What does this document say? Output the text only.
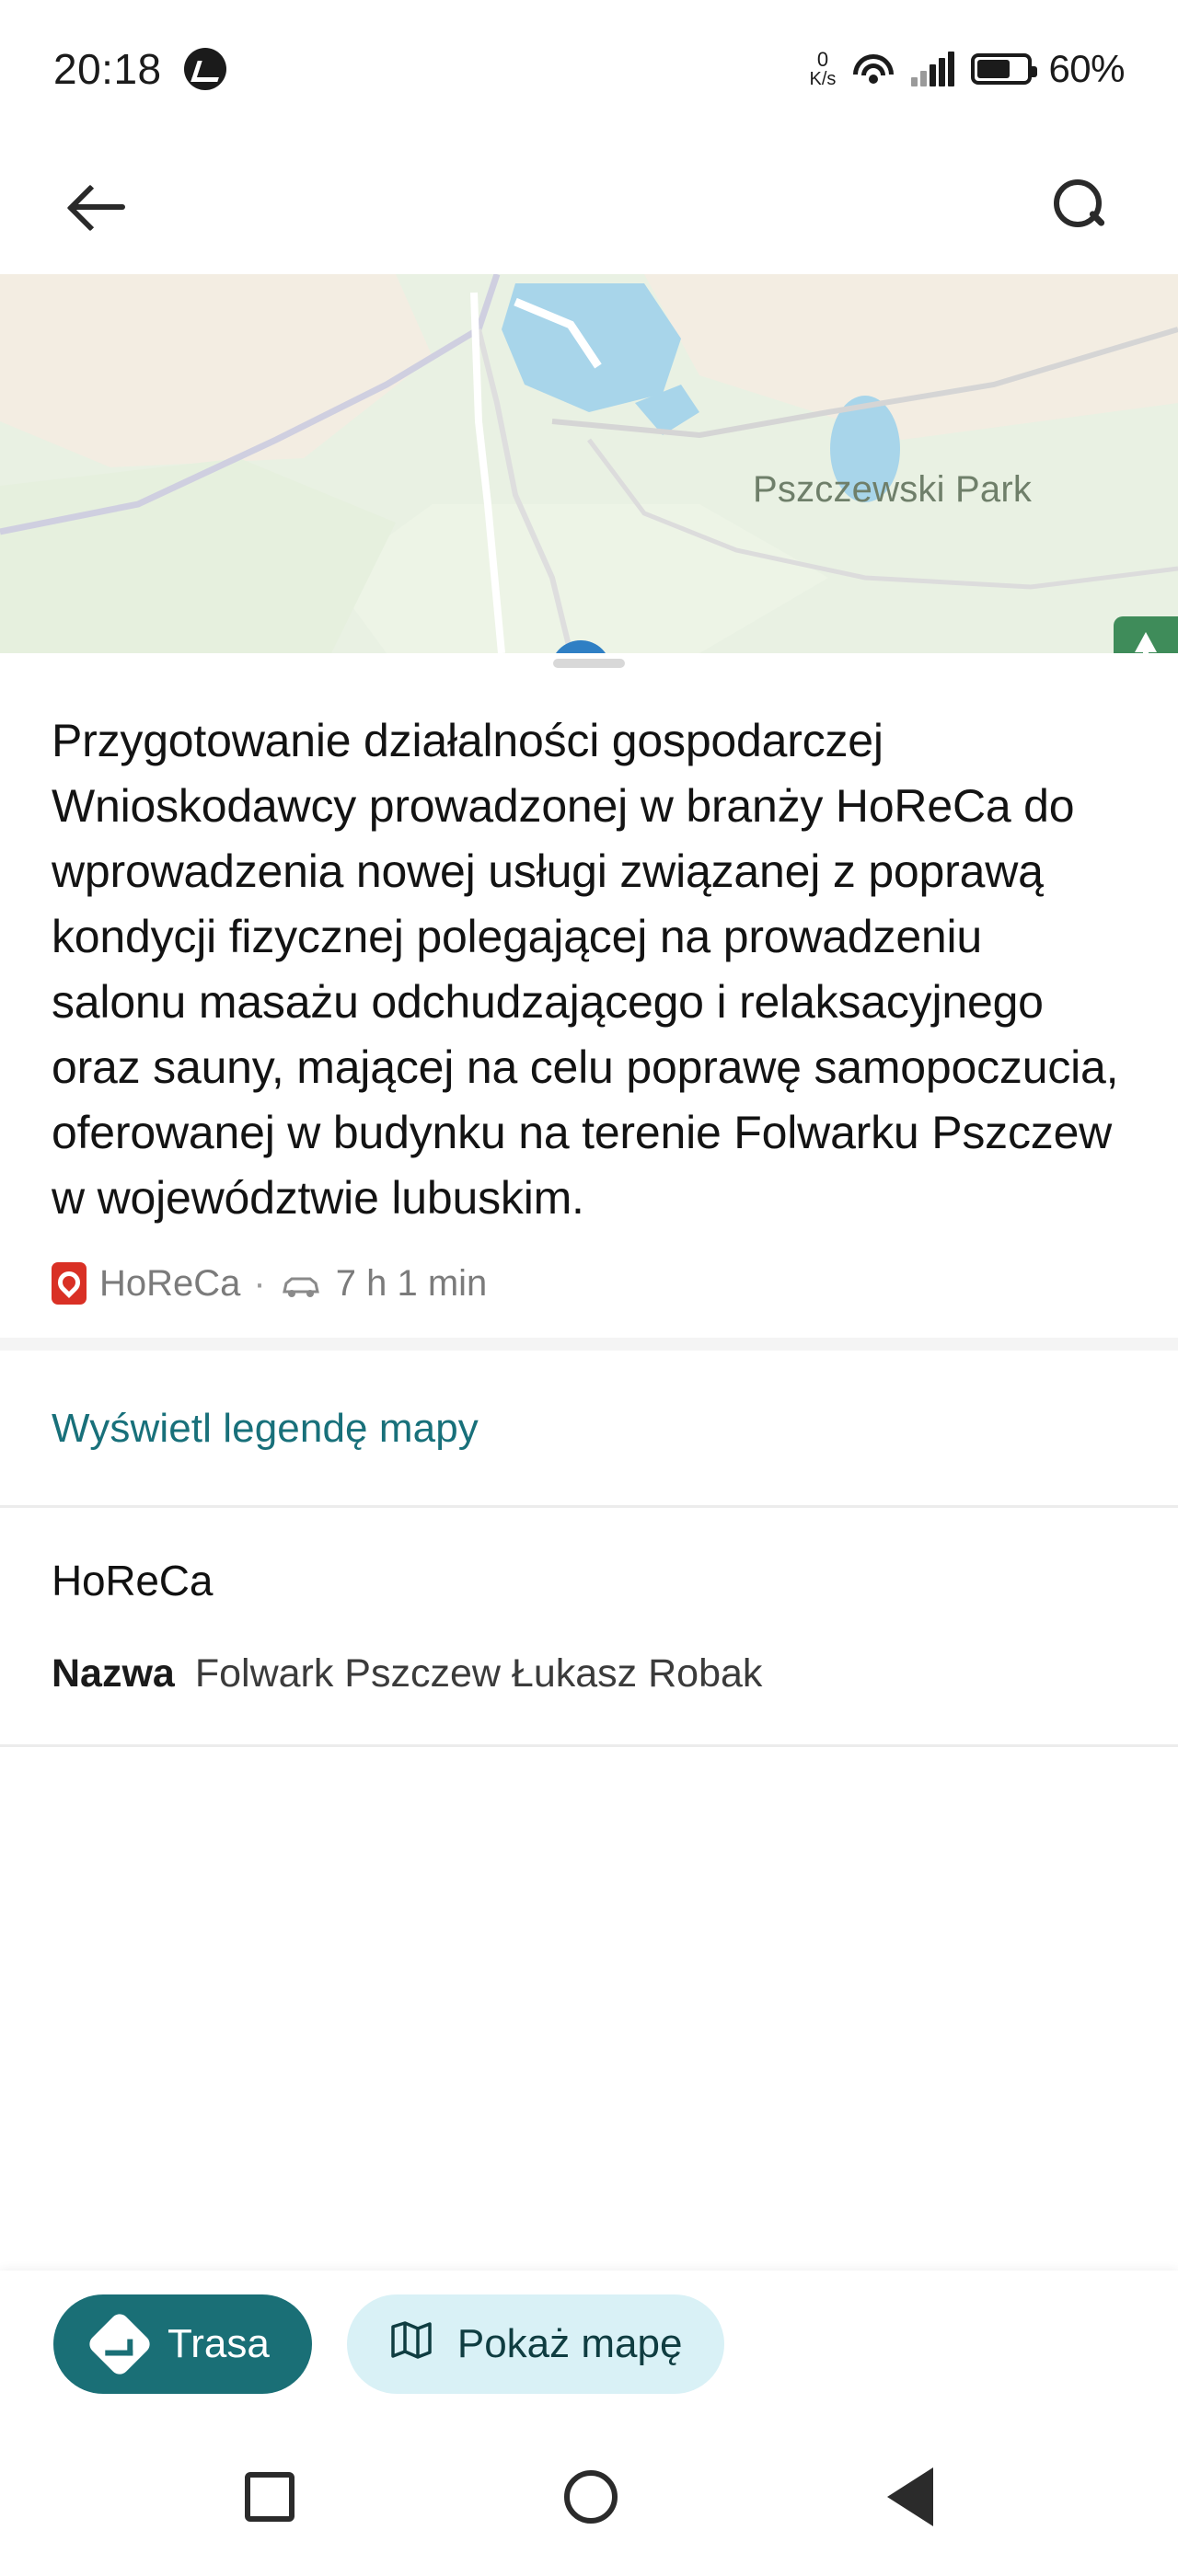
20:18	0
K/s	60%
Pszczewski Park
Przygotowanie działalności gospodarczej Wnioskodawcy prowadzonej w branży HoReCa do wprowadzenia nowej usługi związanej z poprawą kondycji fizycznej polegającej na prowadzeniu salonu masażu odchudzającego i relaksacyjnego oraz sauny, mającej na celu poprawę samopoczucia, oferowanej w budynku na terenie Folwarku Pszczew w województwie lubuskim.
HoReCa · 7 h 1 min
Wyświetl legendę mapy
HoReCa
Nazwa Folwark Pszczew Łukasz Robak
Trasa	Pokaż mapę
